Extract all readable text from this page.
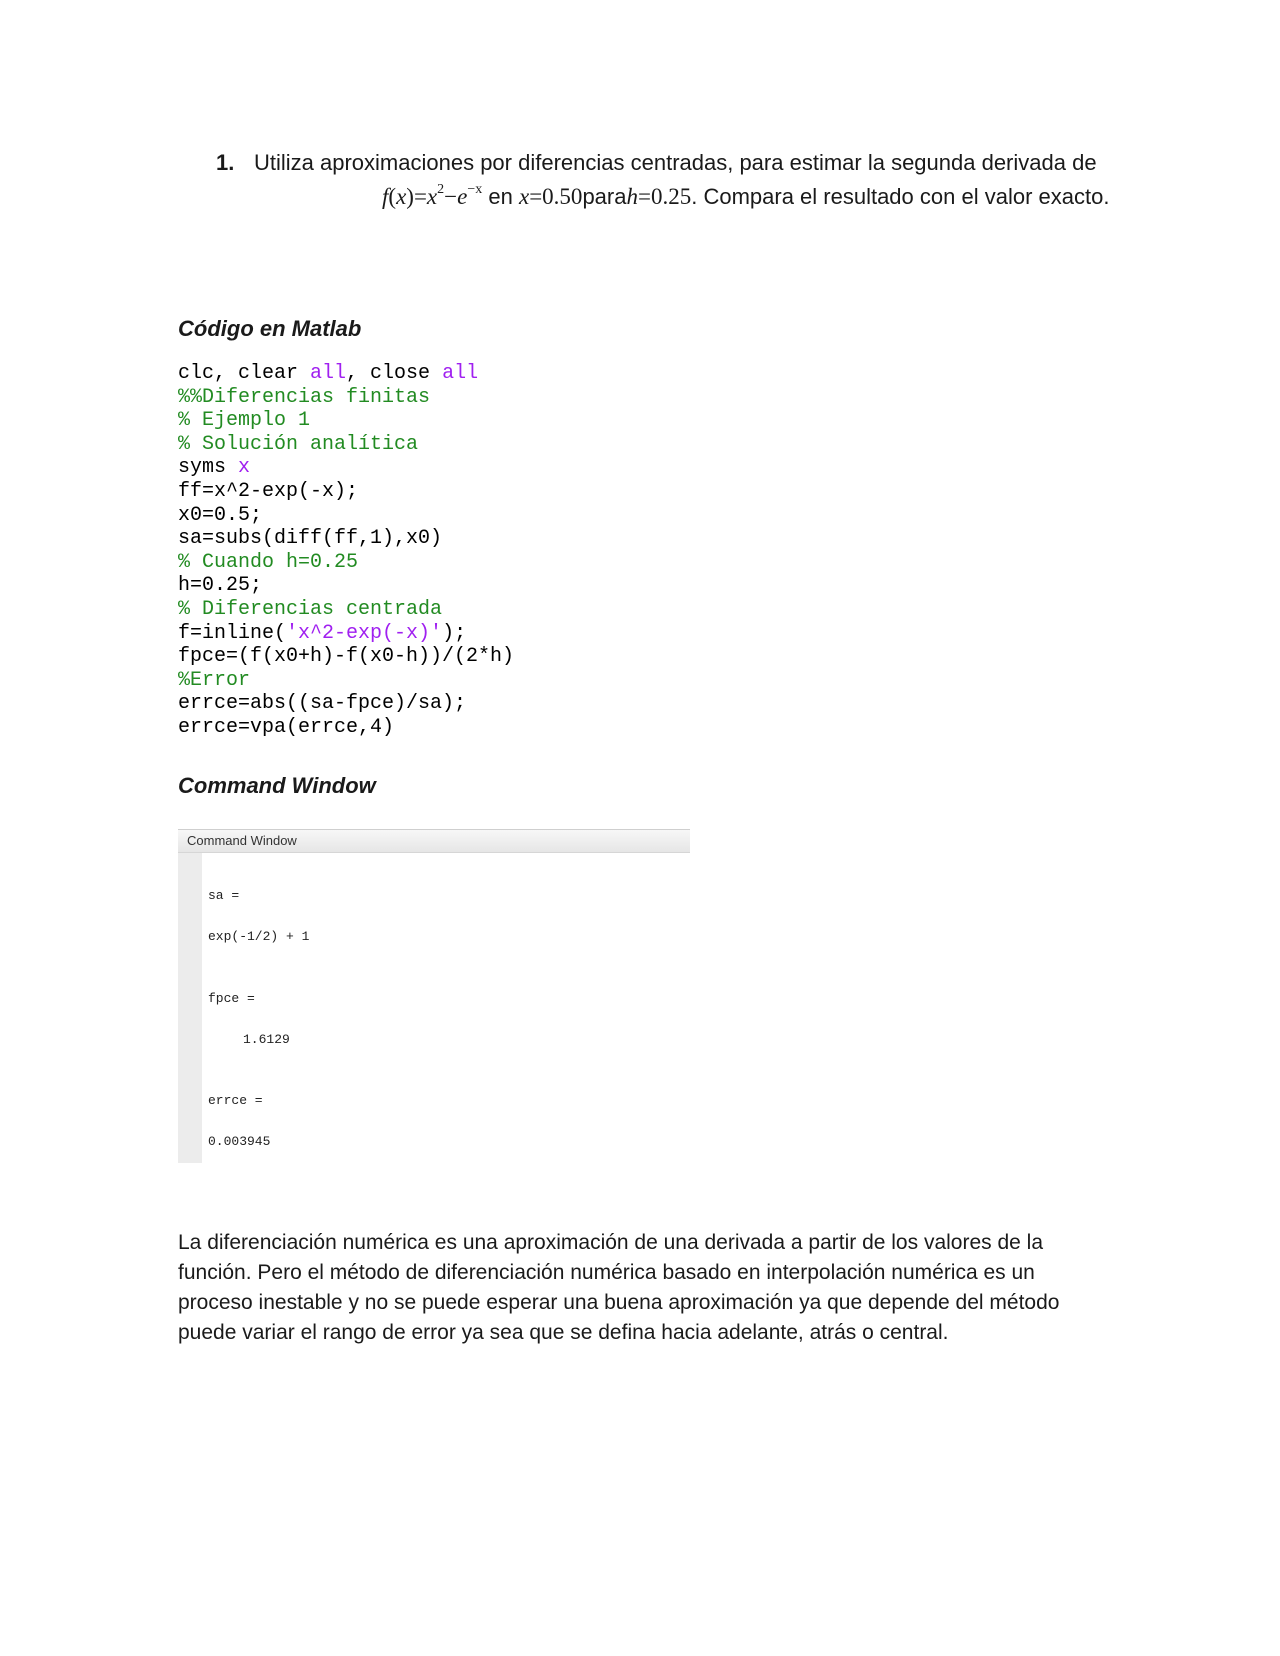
1. Utiliza aproximaciones por diferencias centradas, para estimar la segunda derivada $def(x)=x^2-e^{-x}$ en x=0.50parah=0.25. Compara el resultado con el valor exacto.
Código en Matlab
clc, clear all, close all
%%Diferencias finitas
% Ejemplo 1
% Solución analítica
syms x
ff=x^2-exp(-x);
x0=0.5;
sa=subs(diff(ff,1),x0)
% Cuando h=0.25
h=0.25;
% Diferencias centrada
f=inline('x^2-exp(-x)');
fpce=(f(x0+h)-f(x0-h))/(2*h)
%Error
errce=abs((sa-fpce)/sa);
errce=vpa(errce,4)
Command Window
Command Window
sa =
exp(-1/2) + 1
fpce =
1.6129
errce =
0.003945
La diferenciación numérica es una aproximación de una derivada a partir de los valores de la función. Pero el método de diferenciación numérica basado en interpolación numérica es un proceso inestable y no se puede esperar una buena aproximación ya que depende del método puede variar el rango de error ya sea que se defina hacia adelante, atrás o central.
